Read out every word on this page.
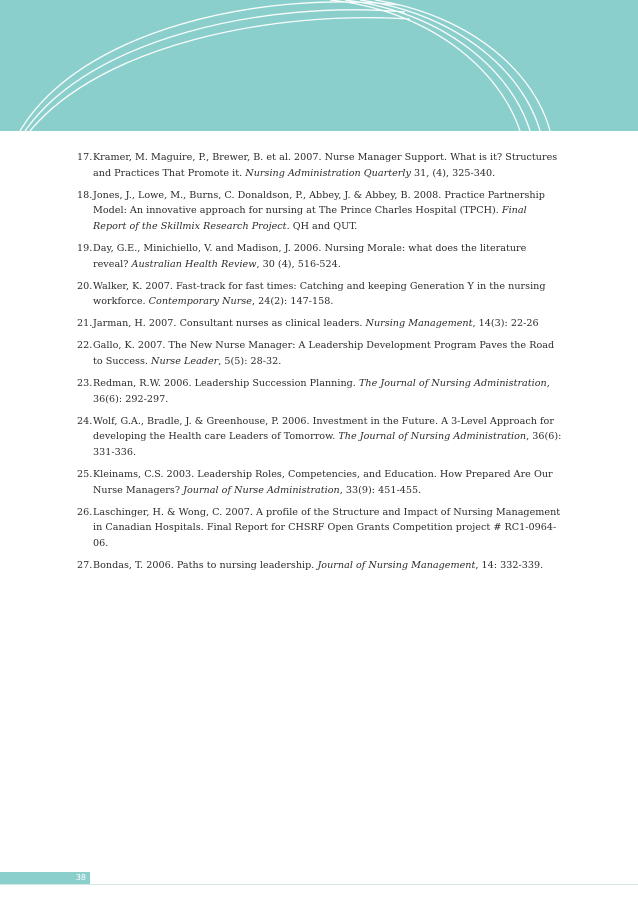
17. Kramer, M. Maguire, P., Brewer, B. et al. 2007. Nurse Manager Support. What is it? Structures and Practices That Promote it. Nursing Administration Quarterly 31, (4), 325-340.
18. Jones, J., Lowe, M., Burns, C. Donaldson, P., Abbey, J. & Abbey, B. 2008. Practice Partnership Model: An innovative approach for nursing at The Prince Charles Hospital (TPCH). Final Report of the Skillmix Research Project. QH and QUT.
19. Day, G.E., Minichiello, V. and Madison, J. 2006. Nursing Morale: what does the literature reveal? Australian Health Review, 30 (4), 516-524.
20. Walker, K. 2007. Fast-track for fast times: Catching and keeping Generation Y in the nursing workforce. Contemporary Nurse, 24(2): 147-158.
21. Jarman, H. 2007. Consultant nurses as clinical leaders. Nursing Management, 14(3): 22-26
22. Gallo, K. 2007. The New Nurse Manager: A Leadership Development Program Paves the Road to Success. Nurse Leader, 5(5): 28-32.
23. Redman, R.W. 2006. Leadership Succession Planning. The Journal of Nursing Administration, 36(6): 292-297.
24. Wolf, G.A., Bradle, J. & Greenhouse, P. 2006. Investment in the Future. A 3-Level Approach for developing the Health care Leaders of Tomorrow. The Journal of Nursing Administration, 36(6): 331-336.
25. Kleinams, C.S. 2003. Leadership Roles, Competencies, and Education. How Prepared Are Our Nurse Managers? Journal of Nurse Administration, 33(9): 451-455.
26. Laschinger, H. & Wong, C. 2007. A profile of the Structure and Impact of Nursing Management in Canadian Hospitals. Final Report for CHSRF Open Grants Competition project # RC1-0964-06.
27. Bondas, T. 2006. Paths to nursing leadership. Journal of Nursing Management, 14: 332-339.
38
